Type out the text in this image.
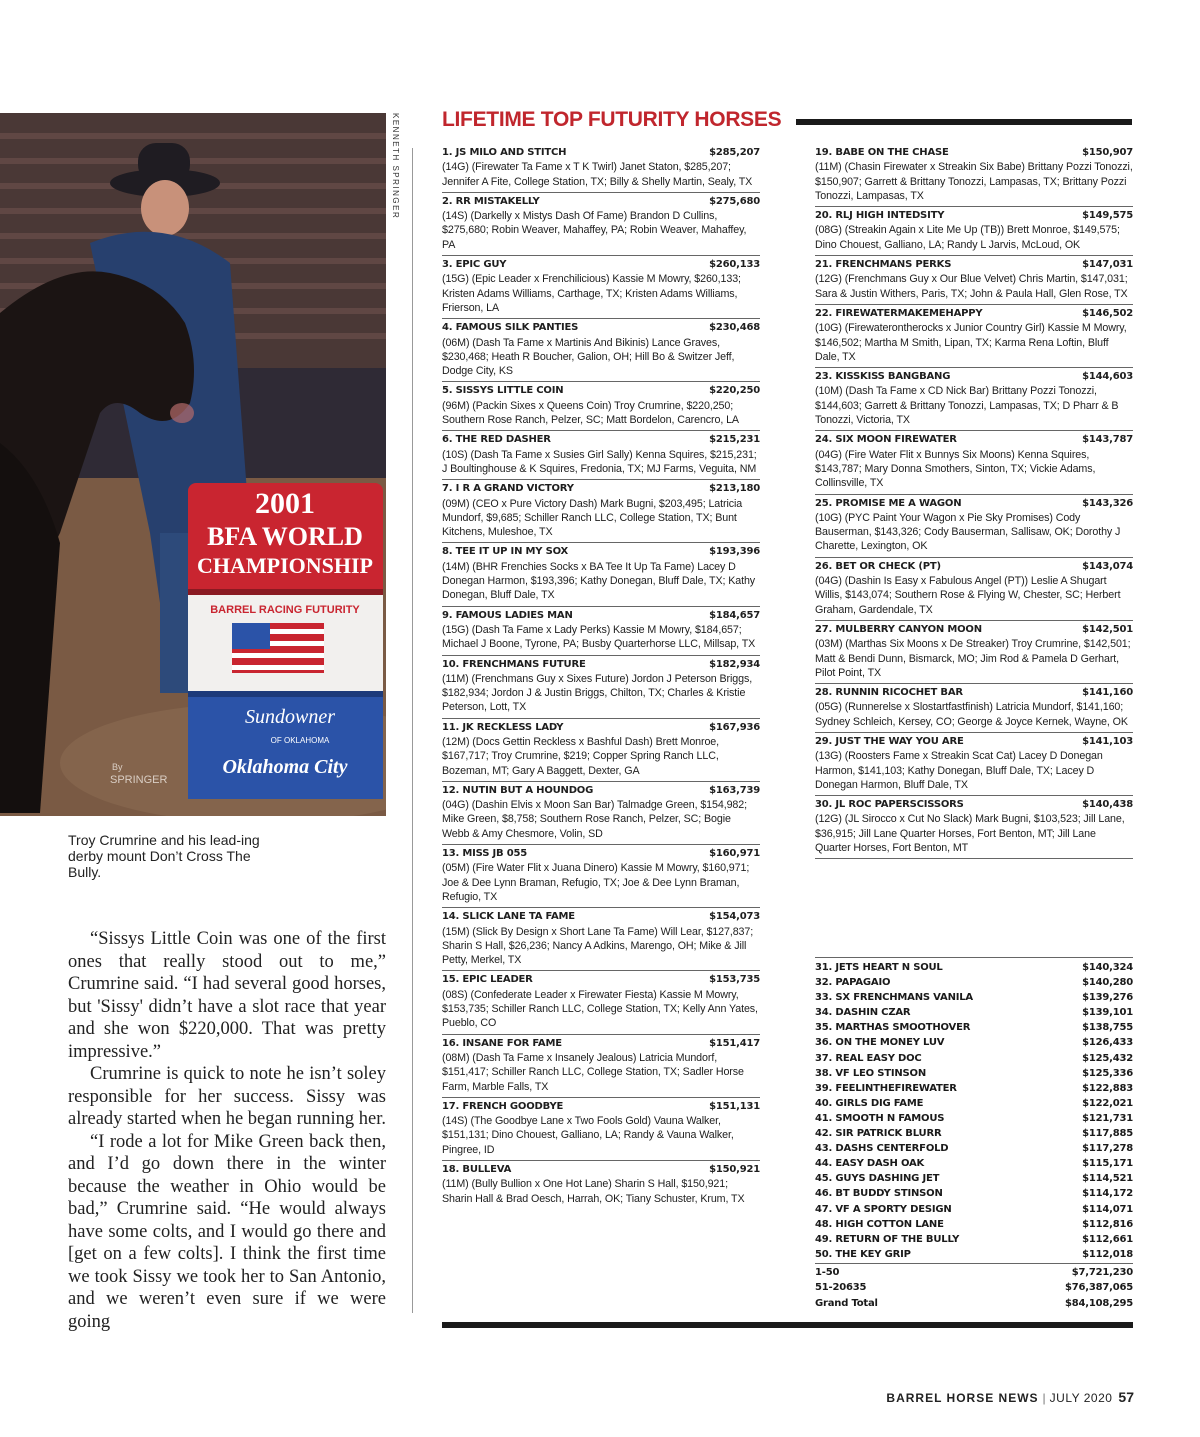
BARREL RACING FUTURITY
2001
BFA WORLD
CHAMPIONSHIP
Sundowner
OF OKLAHOMA
Oklahoma City
By
SPRINGER
KENNETH SPRINGER
Troy Crumrine and his lead-ing derby mount Don’t Cross The Bully.

“Sissys Little Coin was one of the first ones that really stood out to me,” Crumrine said. “I had several good horses, but 'Sissy' didn’t have a slot race that year and she won $220,000. That was pretty impressive.”

Crumrine is quick to note he isn’t soley responsible for her success. Sissy was already started when he began running her.

“I rode a lot for Mike Green back then, and I’d go down there in the winter because the weather in Ohio would be bad,” Crumrine said. “He would always have some colts, and I would go there and [get on a few colts]. I think the first time we took Sissy we took her to San Antonio, and we weren’t even sure if we were going

LIFETIME TOP FUTURITY HORSES
1. JS MILO AND STITCH	$285,207
(14G) (Firewater Ta Fame x T K Twirl) Janet Staton, $285,207; Jennifer A Fite, College Station, TX; Billy & Shelly Martin, Sealy, TX
2. RR MISTAKELLY	$275,680
(14S) (Darkelly x Mistys Dash Of Fame) Brandon D Cullins, $275,680; Robin Weaver, Mahaffey, PA; Robin Weaver, Mahaffey, PA
3. EPIC GUY	$260,133
(15G) (Epic Leader x Frenchilicious) Kassie M Mowry, $260,133; Kristen Adams Williams, Carthage, TX; Kristen Adams Williams, Frierson, LA
4. FAMOUS SILK PANTIES	$230,468
(06M) (Dash Ta Fame x Martinis And Bikinis) Lance Graves, $230,468; Heath R Boucher, Galion, OH; Hill Bo & Switzer Jeff, Dodge City, KS
5. SISSYS LITTLE COIN	$220,250
(96M) (Packin Sixes x Queens Coin) Troy Crumrine, $220,250; Southern Rose Ranch, Pelzer, SC; Matt Bordelon, Carencro, LA
6. THE RED DASHER	$215,231
(10S) (Dash Ta Fame x Susies Girl Sally) Kenna Squires, $215,231; J Boultinghouse & K Squires, Fredonia, TX; MJ Farms, Veguita, NM
7. I R A GRAND VICTORY	$213,180
(09M) (CEO x Pure Victory Dash) Mark Bugni, $203,495; Latricia Mundorf, $9,685; Schiller Ranch LLC, College Station, TX; Bunt Kitchens, Muleshoe, TX
8. TEE IT UP IN MY SOX	$193,396
(14M) (BHR Frenchies Socks x BA Tee It Up Ta Fame) Lacey D Donegan Harmon, $193,396; Kathy Donegan, Bluff Dale, TX; Kathy Donegan, Bluff Dale, TX
9. FAMOUS LADIES MAN	$184,657
(15G) (Dash Ta Fame x Lady Perks) Kassie M Mowry, $184,657; Michael J Boone, Tyrone, PA; Busby Quarterhorse LLC, Millsap, TX
10. FRENCHMANS FUTURE	$182,934
(11M) (Frenchmans Guy x Sixes Future) Jordon J Peterson Briggs, $182,934; Jordon J & Justin Briggs, Chilton, TX; Charles & Kristie Peterson, Lott, TX
11. JK RECKLESS LADY	$167,936
(12M) (Docs Gettin Reckless x Bashful Dash) Brett Monroe, $167,717; Troy Crumrine, $219; Copper Spring Ranch LLC, Bozeman, MT; Gary A Baggett, Dexter, GA
12. NUTIN BUT A HOUNDOG	$163,739
(04G) (Dashin Elvis x Moon San Bar) Talmadge Green, $154,982; Mike Green, $8,758; Southern Rose Ranch, Pelzer, SC; Bogie Webb & Amy Chesmore, Volin, SD
13. MISS JB 055	$160,971
(05M) (Fire Water Flit x Juana Dinero) Kassie M Mowry, $160,971; Joe & Dee Lynn Braman, Refugio, TX; Joe & Dee Lynn Braman, Refugio, TX
14. SLICK LANE TA FAME	$154,073
(15M) (Slick By Design x Short Lane Ta Fame) Will Lear, $127,837; Sharin S Hall, $26,236; Nancy A Adkins, Marengo, OH; Mike & Jill Petty, Merkel, TX
15. EPIC LEADER	$153,735
(08S) (Confederate Leader x Firewater Fiesta) Kassie M Mowry, $153,735; Schiller Ranch LLC, College Station, TX; Kelly Ann Yates, Pueblo, CO
16. INSANE FOR FAME	$151,417
(08M) (Dash Ta Fame x Insanely Jealous) Latricia Mundorf, $151,417; Schiller Ranch LLC, College Station, TX; Sadler Horse Farm, Marble Falls, TX
17. FRENCH GOODBYE	$151,131
(14S) (The Goodbye Lane x Two Fools Gold) Vauna Walker, $151,131; Dino Chouest, Galliano, LA; Randy & Vauna Walker, Pingree, ID
18. BULLEVA	$150,921
(11M) (Bully Bullion x One Hot Lane) Sharin S Hall, $150,921; Sharin Hall & Brad Oesch, Harrah, OK; Tiany Schuster, Krum, TX
19. BABE ON THE CHASE	$150,907
(11M) (Chasin Firewater x Streakin Six Babe) Brittany Pozzi Tonozzi, $150,907; Garrett & Brittany Tonozzi, Lampasas, TX; Brittany Pozzi Tonozzi, Lampasas, TX
20. RLJ HIGH INTEDSITY	$149,575
(08G) (Streakin Again x Lite Me Up (TB)) Brett Monroe, $149,575; Dino Chouest, Galliano, LA; Randy L Jarvis, McLoud, OK
21. FRENCHMANS PERKS	$147,031
(12G) (Frenchmans Guy x Our Blue Velvet) Chris Martin, $147,031; Sara & Justin Withers, Paris, TX; John & Paula Hall, Glen Rose, TX
22. FIREWATERMAKEMEHAPPY	$146,502
(10G) (Firewaterontherocks x Junior Country Girl) Kassie M Mowry, $146,502; Martha M Smith, Lipan, TX; Karma Rena Loftin, Bluff Dale, TX
23. KISSKISS BANGBANG	$144,603
(10M) (Dash Ta Fame x CD Nick Bar) Brittany Pozzi Tonozzi, $144,603; Garrett & Brittany Tonozzi, Lampasas, TX; D Pharr & B Tonozzi, Victoria, TX
24. SIX MOON FIREWATER	$143,787
(04G) (Fire Water Flit x Bunnys Six Moons) Kenna Squires, $143,787; Mary Donna Smothers, Sinton, TX; Vickie Adams, Collinsville, TX
25. PROMISE ME A WAGON	$143,326
(10G) (PYC Paint Your Wagon x Pie Sky Promises) Cody Bauserman, $143,326; Cody Bauserman, Sallisaw, OK; Dorothy J Charette, Lexington, OK
26. BET OR CHECK (PT)	$143,074
(04G) (Dashin Is Easy x Fabulous Angel (PT)) Leslie A Shugart Willis, $143,074; Southern Rose & Flying W, Chester, SC; Herbert Graham, Gardendale, TX
27. MULBERRY CANYON MOON	$142,501
(03M) (Marthas Six Moons x De Streaker) Troy Crumrine, $142,501; Matt & Bendi Dunn, Bismarck, MO; Jim Rod & Pamela D Gerhart, Pilot Point, TX
28. RUNNIN RICOCHET BAR	$141,160
(05G) (Runnerelse x Slostartfastfinish) Latricia Mundorf, $141,160; Sydney Schleich, Kersey, CO; George & Joyce Kernek, Wayne, OK
29. JUST THE WAY YOU ARE	$141,103
(13G) (Roosters Fame x Streakin Scat Cat) Lacey D Donegan Harmon, $141,103; Kathy Donegan, Bluff Dale, TX; Lacey D Donegan Harmon, Bluff Dale, TX
30. JL ROC PAPERSCISSORS	$140,438
(12G) (JL Sirocco x Cut No Slack) Mark Bugni, $103,523; Jill Lane, $36,915; Jill Lane Quarter Horses, Fort Benton, MT; Jill Lane Quarter Horses, Fort Benton, MT
31. JETS HEART N SOUL	$140,324
32. PAPAGAIO	$140,280
33. SX FRENCHMANS VANILA	$139,276
34. DASHIN CZAR	$139,101
35. MARTHAS SMOOTHOVER	$138,755
36. ON THE MONEY LUV	$126,433
37. REAL EASY DOC	$125,432
38. VF LEO STINSON	$125,336
39. FEELINTHEFIREWATER	$122,883
40. GIRLS DIG FAME	$122,021
41. SMOOTH N FAMOUS	$121,731
42. SIR PATRICK BLURR	$117,885
43. DASHS CENTERFOLD	$117,278
44. EASY DASH OAK	$115,171
45. GUYS DASHING JET	$114,521
46. BT BUDDY STINSON	$114,172
47. VF A SPORTY DESIGN	$114,071
48. HIGH COTTON LANE	$112,816
49. RETURN OF THE BULLY	$112,661
50. THE KEY GRIP	$112,018
1-50	$7,721,230
51-20635	$76,387,065
Grand Total	$84,108,295
BARREL HORSE NEWS | JULY 2020 57
